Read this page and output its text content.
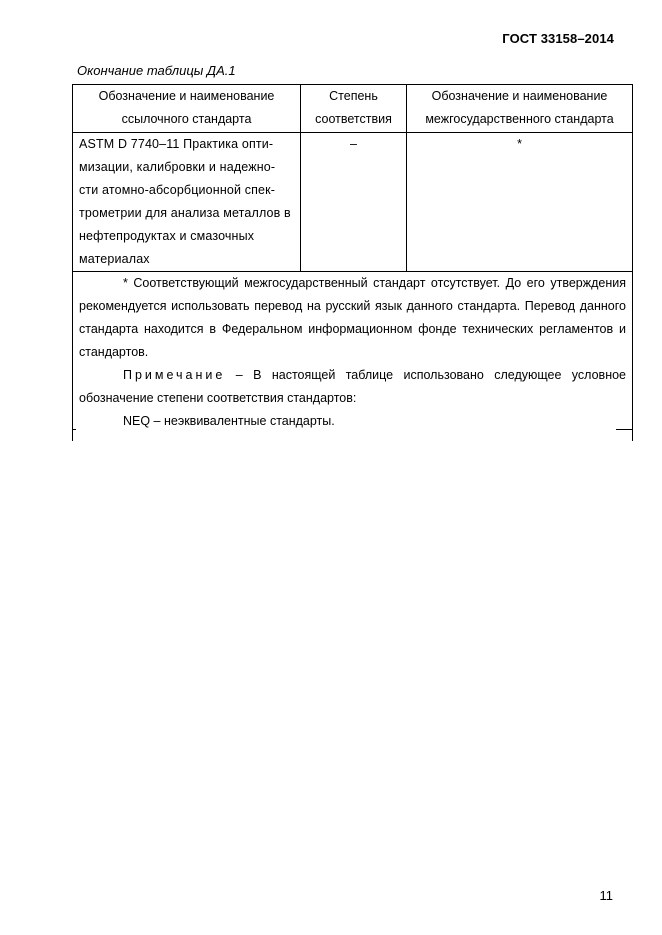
ГОСТ 33158–2014
Окончание таблицы ДА.1
Обозначение и наименование ссылочного стандарта	Степень соответствия	Обозначение и наименование межгосударственного стандарта
ASTM D 7740–11 Практика опти-мизации, калибровки и надежно-сти атомно-абсорбционной спек-трометрии для анализа металлов в нефтепродуктах и смазочных материалах	–	*

* Соответствующий межгосударственный стандарт отсутствует. До его утверждения рекомендуется использовать перевод на русский язык данного стандарта. Перевод данного стандарта находится в Федеральном информационном фонде технических регламентов и стандартов.

Примечание – В настоящей таблице использовано следующее условное обозначение степени соответствия стандартов:

NEQ – неэквивалентные стандарты.		

11
